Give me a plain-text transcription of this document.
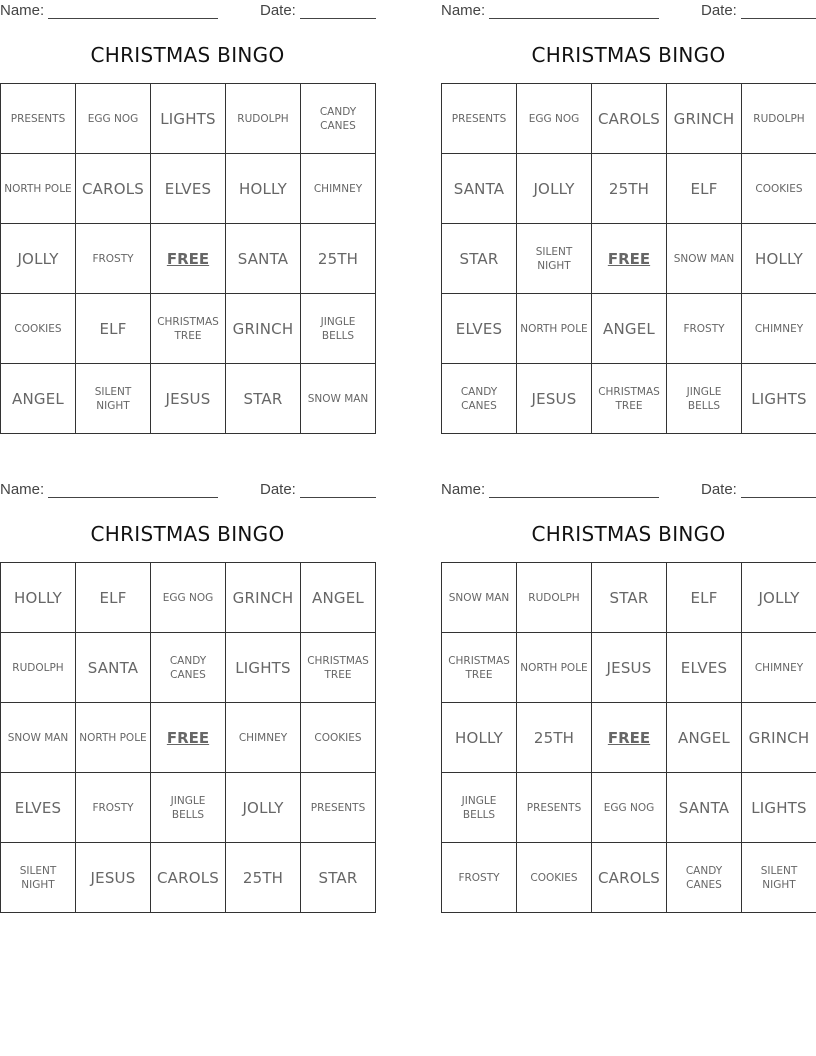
Name:	Date:
CHRISTMAS BINGO
PRESENTS	EGG NOG	LIGHTS	RUDOLPH	CANDY CANES
NORTH POLE	CAROLS	ELVES	HOLLY	CHIMNEY
JOLLY	FROSTY	FREE	SANTA	25TH
COOKIES	ELF	CHRISTMAS TREE	GRINCH	JINGLE BELLS
ANGEL	SILENT NIGHT	JESUS	STAR	SNOW MAN
Name:	Date:
CHRISTMAS BINGO
PRESENTS	EGG NOG	CAROLS	GRINCH	RUDOLPH
SANTA	JOLLY	25TH	ELF	COOKIES
STAR	SILENT NIGHT	FREE	SNOW MAN	HOLLY
ELVES	NORTH POLE	ANGEL	FROSTY	CHIMNEY
CANDY CANES	JESUS	CHRISTMAS TREE	JINGLE BELLS	LIGHTS
Name:	Date:
CHRISTMAS BINGO
HOLLY	ELF	EGG NOG	GRINCH	ANGEL
RUDOLPH	SANTA	CANDY CANES	LIGHTS	CHRISTMAS TREE
SNOW MAN	NORTH POLE	FREE	CHIMNEY	COOKIES
ELVES	FROSTY	JINGLE BELLS	JOLLY	PRESENTS
SILENT NIGHT	JESUS	CAROLS	25TH	STAR
Name:	Date:
CHRISTMAS BINGO
SNOW MAN	RUDOLPH	STAR	ELF	JOLLY
CHRISTMAS TREE	NORTH POLE	JESUS	ELVES	CHIMNEY
HOLLY	25TH	FREE	ANGEL	GRINCH
JINGLE BELLS	PRESENTS	EGG NOG	SANTA	LIGHTS
FROSTY	COOKIES	CAROLS	CANDY CANES	SILENT NIGHT
